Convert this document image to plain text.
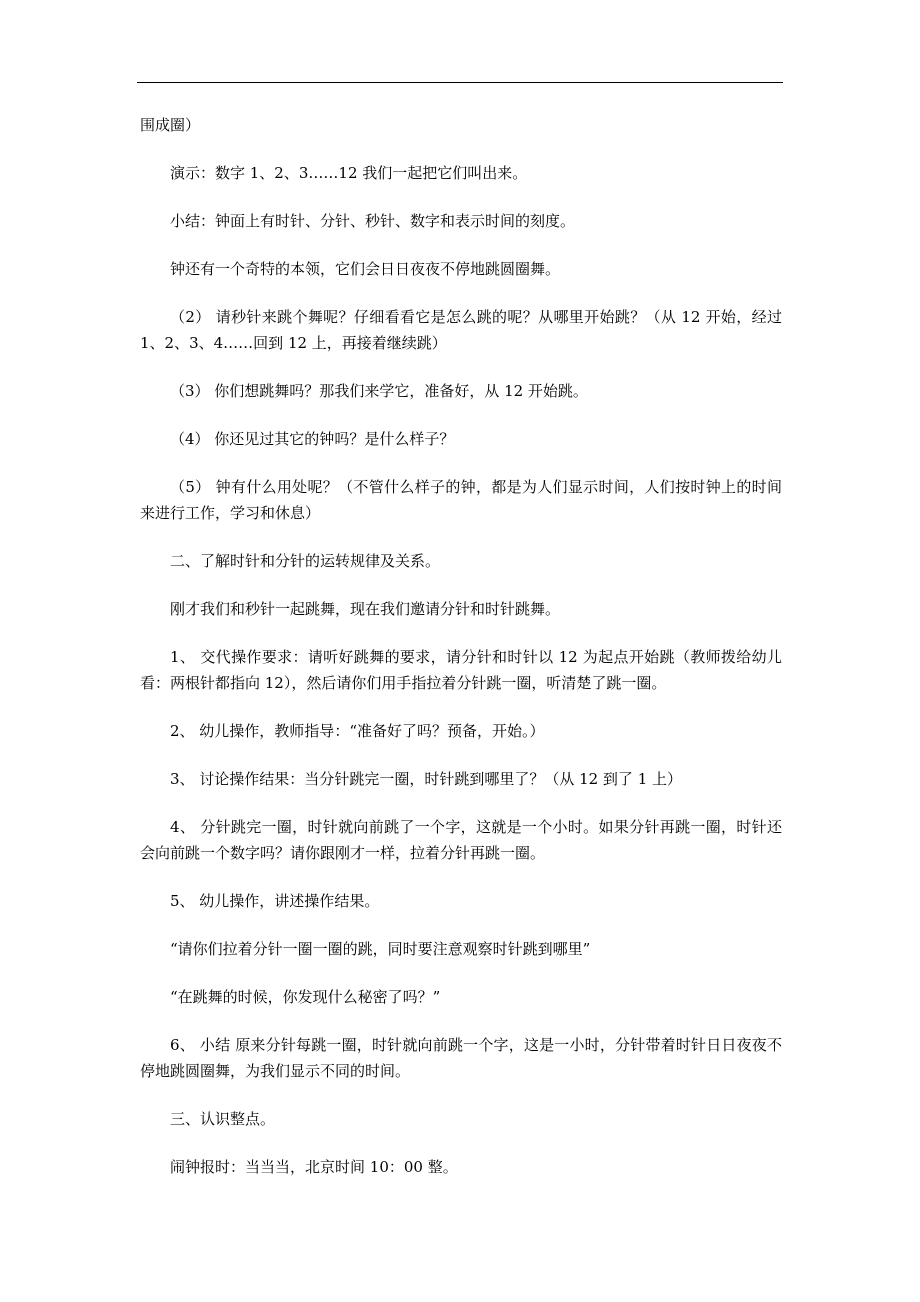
围成圈）

演示：数字 1、2、3……12 我们一起把它们叫出来。

小结：钟面上有时针、分针、秒针、数字和表示时间的刻度。

钟还有一个奇特的本领，它们会日日夜夜不停地跳圆圈舞。

（2） 请秒针来跳个舞呢？仔细看看它是怎么跳的呢？从哪里开始跳？（从 12 开始，经过 1、2、3、4……回到 12 上，再接着继续跳）

（3） 你们想跳舞吗？那我们来学它，准备好，从 12 开始跳。

（4） 你还见过其它的钟吗？是什么样子？

（5） 钟有什么用处呢？（不管什么样子的钟，都是为人们显示时间，人们按时钟上的时间来进行工作，学习和休息）

二、了解时针和分针的运转规律及关系。

刚才我们和秒针一起跳舞，现在我们邀请分针和时针跳舞。

1、 交代操作要求：请听好跳舞的要求，请分针和时针以 12 为起点开始跳（教师拨给幼儿看：两根针都指向 12），然后请你们用手指拉着分针跳一圈，听清楚了跳一圈。

2、 幼儿操作，教师指导：“准备好了吗？预备，开始。）

3、 讨论操作结果：当分针跳完一圈，时针跳到哪里了？（从 12 到了 1 上）

4、 分针跳完一圈，时针就向前跳了一个字，这就是一个小时。如果分针再跳一圈，时针还会向前跳一个数字吗？请你跟刚才一样，拉着分针再跳一圈。

5、 幼儿操作，讲述操作结果。

“请你们拉着分针一圈一圈的跳，同时要注意观察时针跳到哪里”

“在跳舞的时候，你发现什么秘密了吗？”

6、 小结 原来分针每跳一圈，时针就向前跳一个字，这是一小时，分针带着时针日日夜夜不停地跳圆圈舞，为我们显示不同的时间。

三、认识整点。

闹钟报时：当当当，北京时间 10：00 整。
